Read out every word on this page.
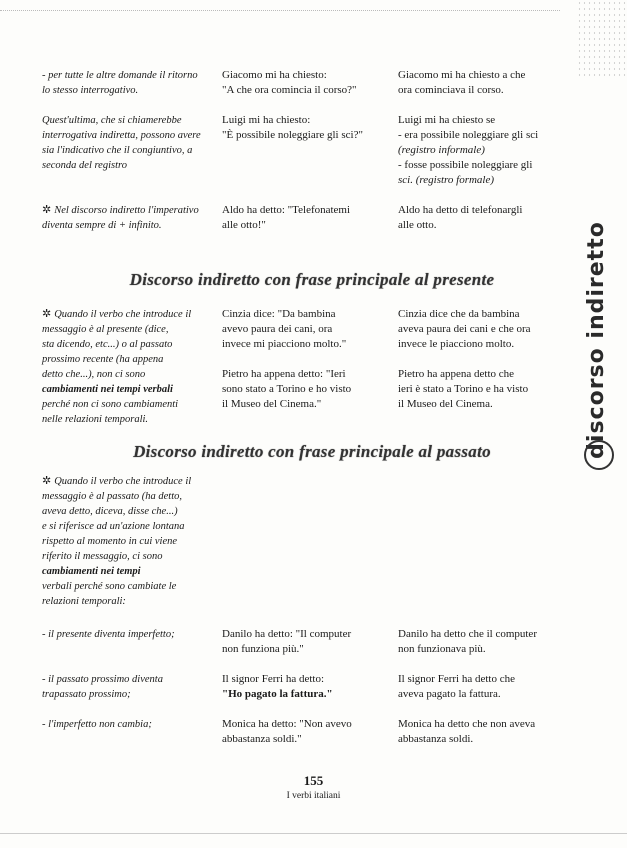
- per tutte le altre domande il ritorno
lo stesso interrogativo.
Giacomo mi ha chiesto:
"A che ora comincia il corso?"
Giacomo mi ha chiesto a che
ora cominciava il corso.
Quest'ultima, che si chiamerebbe
interrogativa indiretta, possono avere
sia l'indicativo che il congiuntivo, a
seconda del registro
Luigi mi ha chiesto:
"È possibile noleggiare gli sci?"
Luigi mi ha chiesto se
- era possibile noleggiare gli sci
(registro informale)
- fosse possibile noleggiare gli
sci. (registro formale)
✲ Nel discorso indiretto l'imperativo
diventa sempre di + infinito.
Aldo ha detto: "Telefonatemi
alle otto!"
Aldo ha detto di telefonargli
alle otto.
Discorso indiretto con frase principale al presente
✲ Quando il verbo che introduce il
messaggio è al presente (dice,
sta dicendo, etc...) o al passato
prossimo recente (ha appena
detto che...), non ci sono
cambiamenti nei tempi verbali
perché non ci sono cambiamenti
nelle relazioni temporali.
Cinzia dice: "Da bambina
avevo paura dei cani, ora
invece mi piacciono molto."
Pietro ha appena detto: "Ieri
sono stato a Torino e ho visto
il Museo del Cinema."
Cinzia dice che da bambina
aveva paura dei cani e che ora
invece le piacciono molto.
Pietro ha appena detto che
ieri è stato a Torino e ha visto
il Museo del Cinema.
Discorso indiretto con frase principale al passato
✲ Quando il verbo che introduce il
messaggio è al passato (ha detto,
aveva detto, diceva, disse che...)
e si riferisce ad un'azione lontana
rispetto al momento in cui viene
riferito il messaggio, ci sono
cambiamenti nei tempi
verbali perché sono cambiate le
relazioni temporali:
- il presente diventa imperfetto;	Danilo ha detto: "Il computer
non funziona più."
Danilo ha detto che il computer
non funzionava più.
- il passato prossimo diventa
trapassato prossimo;
Il signor Ferri ha detto:
"Ho pagato la fattura."
Il signor Ferri ha detto che
aveva pagato la fattura.
- l'imperfetto non cambia;	Monica ha detto: "Non avevo
abbastanza soldi."
Monica ha detto che non aveva
abbastanza soldi.
discorso indiretto
155
I verbi italiani
